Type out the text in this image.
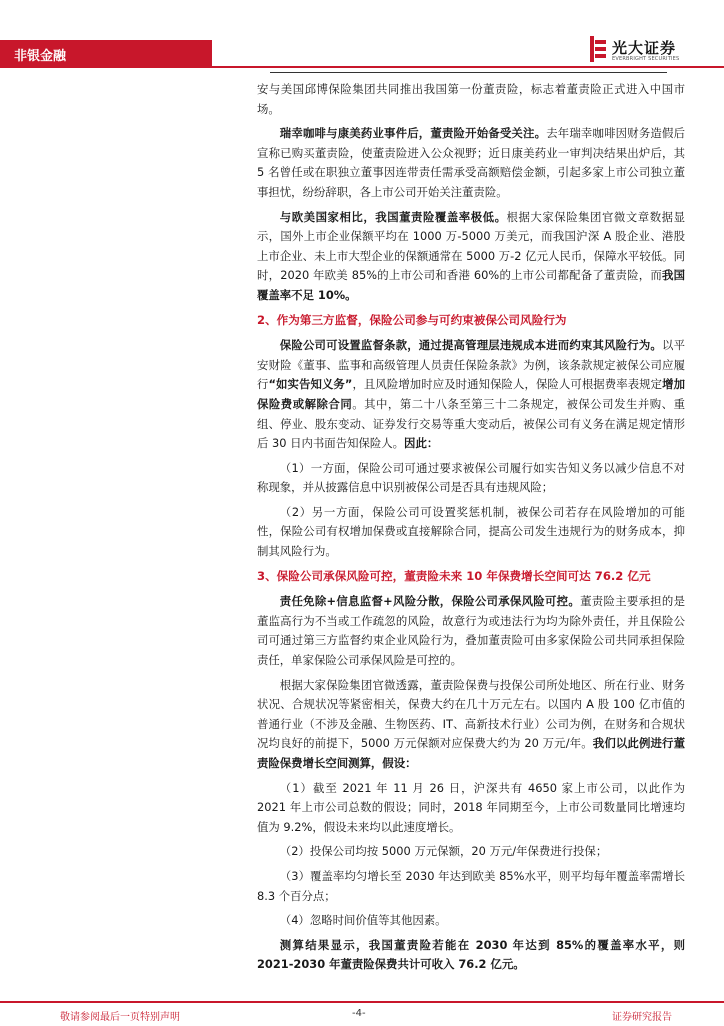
非银金融	光大证券
EVERBRIGHT SECURITIES

安与美国邱博保险集团共同推出我国第一份董责险，标志着董责险正式进入中国市场。

瑞幸咖啡与康美药业事件后，董责险开始备受关注。去年瑞幸咖啡因财务造假后宣称已购买董责险，使董责险进入公众视野；近日康美药业一审判决结果出炉后，其 5 名曾任或在职独立董事因连带责任需承受高额赔偿金额，引起多家上市公司独立董事担忧，纷纷辞职，各上市公司开始关注董责险。

与欧美国家相比，我国董责险覆盖率极低。根据大家保险集团官微文章数据显示，国外上市企业保额平均在 1000 万-5000 万美元，而我国沪深 A 股企业、港股上市企业、未上市大型企业的保额通常在 5000 万-2 亿元人民币，保障水平较低。同时，2020 年欧美 85%的上市公司和香港 60%的上市公司都配备了董责险，而我国覆盖率不足 10%。

2、作为第三方监督，保险公司参与可约束被保公司风险行为

保险公司可设置监督条款，通过提高管理层违规成本进而约束其风险行为。以平安财险《董事、监事和高级管理人员责任保险条款》为例，该条款规定被保公司应履行“如实告知义务”，且风险增加时应及时通知保险人，保险人可根据费率表规定增加保险费或解除合同。其中，第二十八条至第三十二条规定，被保公司发生并购、重组、停业、股东变动、证券发行交易等重大变动后，被保公司有义务在满足规定情形后 30 日内书面告知保险人。因此：

（1）一方面，保险公司可通过要求被保公司履行如实告知义务以减少信息不对称现象，并从披露信息中识别被保公司是否具有违规风险；

（2）另一方面，保险公司可设置奖惩机制，被保公司若存在风险增加的可能性，保险公司有权增加保费或直接解除合同，提高公司发生违规行为的财务成本，抑制其风险行为。

3、保险公司承保风险可控，董责险未来 10 年保费增长空间可达 76.2 亿元

责任免除+信息监督+风险分散，保险公司承保风险可控。董责险主要承担的是董监高行为不当或工作疏忽的风险，故意行为或违法行为均为除外责任，并且保险公司可通过第三方监督约束企业风险行为，叠加董责险可由多家保险公司共同承担保险责任，单家保险公司承保风险是可控的。

根据大家保险集团官微透露，董责险保费与投保公司所处地区、所在行业、财务状况、合规状况等紧密相关，保费大约在几十万元左右。以国内 A 股 100 亿市值的普通行业（不涉及金融、生物医药、IT、高新技术行业）公司为例，在财务和合规状况均良好的前提下，5000 万元保额对应保费大约为 20 万元/年。我们以此例进行董责险保费增长空间测算，假设：

（1）截至 2021 年 11 月 26 日，沪深共有 4650 家上市公司，以此作为 2021 年上市公司总数的假设；同时，2018 年同期至今，上市公司数量同比增速均值为 9.2%，假设未来均以此速度增长。

（2）投保公司均按 5000 万元保额，20 万元/年保费进行投保；

（3）覆盖率均匀增长至 2030 年达到欧美 85%水平，则平均每年覆盖率需增长 8.3 个百分点；

（4）忽略时间价值等其他因素。

测算结果显示，我国董责险若能在 2030 年达到 85%的覆盖率水平，则 2021-2030 年董责险保费共计可收入 76.2 亿元。

敬请参阅最后一页特别声明	-4-	证券研究报告
